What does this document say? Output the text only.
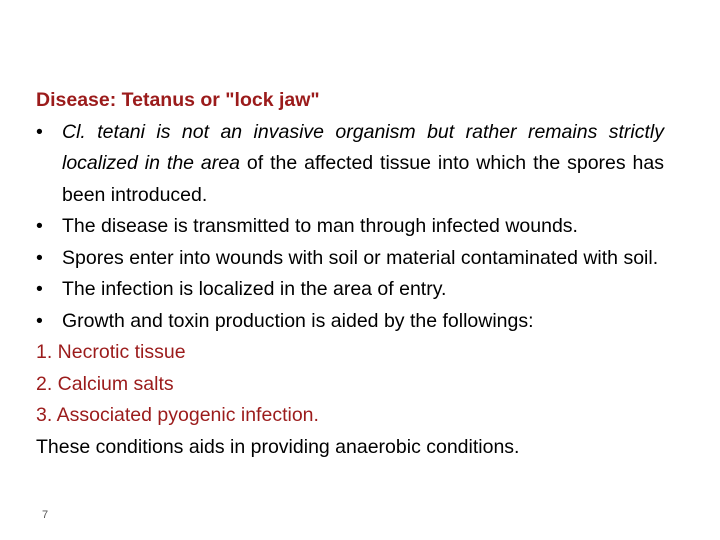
Disease: Tetanus or "lock jaw"

• Cl. tetani is not an invasive organism but rather remains strictly localized in the area of the affected tissue into which the spores has been introduced.
• The disease is transmitted to man through infected wounds.
• Spores enter into wounds with soil or material contaminated with soil.
• The infection is localized in the area of entry.
• Growth and toxin production is aided by the followings:

1. Necrotic tissue

2. Calcium salts

3. Associated pyogenic infection.

These conditions aids in providing anaerobic conditions.

7
